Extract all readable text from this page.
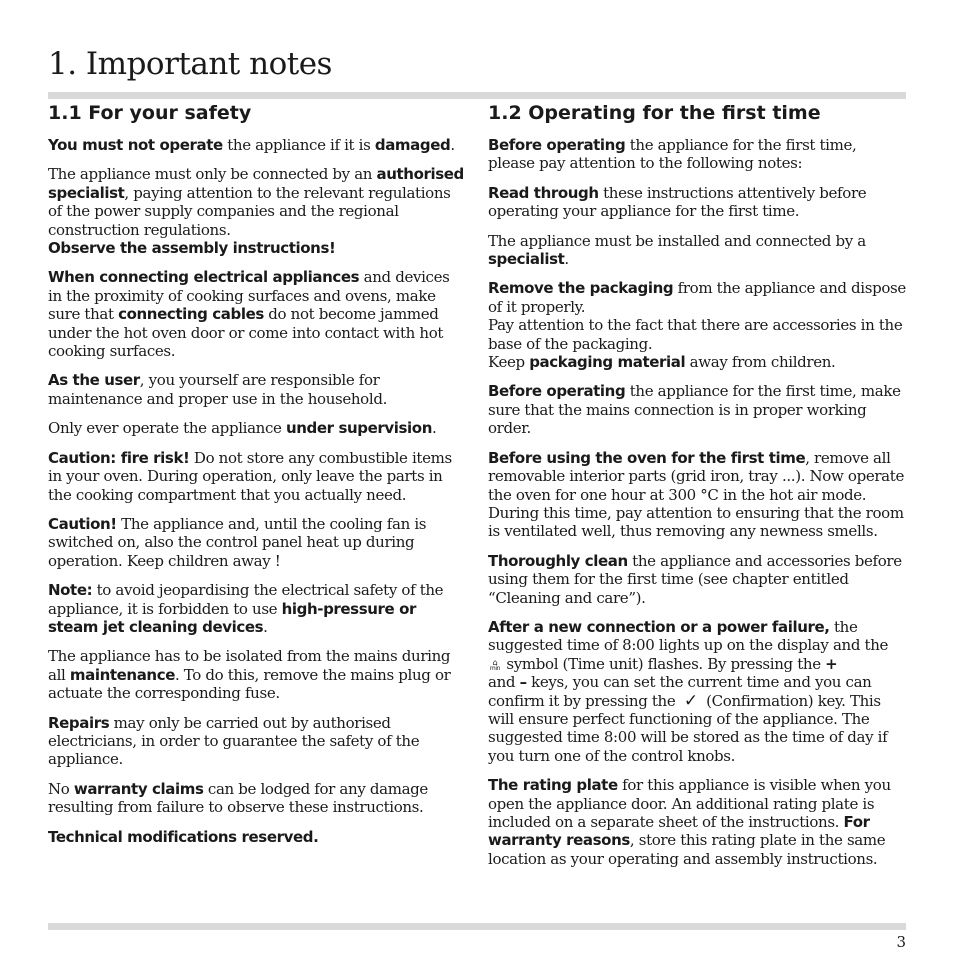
1. Important notes
1.1 For your safety

You must not operate the appliance if it is damaged.

The appliance must only be connected by an authorised specialist, paying attention to the relevant regulations of the power supply companies and the regional construction regulations.
Observe the assembly instructions!

When connecting electrical appliances and devices in the proximity of cooking surfaces and ovens, make sure that connecting cables do not become jammed under the hot oven door or come into contact with hot cooking surfaces.

As the user, you yourself are responsible for maintenance and proper use in the household.

Only ever operate the appliance under supervision.

Caution: fire risk! Do not store any combustible items in your oven. During operation, only leave the parts in the cooking compartment that you actually need.

Caution! The appliance and, until the cooling fan is switched on, also the control panel heat up during operation. Keep children away !

Note: to avoid jeopardising the electrical safety of the appliance, it is forbidden to use high-pressure or steam jet cleaning devices.

The appliance has to be isolated from the mains during all maintenance. To do this, remove the mains plug or actuate the corresponding fuse.

Repairs may only be carried out by authorised electricians, in order to guarantee the safety of the appliance.

No warranty claims can be lodged for any damage resulting from failure to observe these instructions.

Technical modifications reserved.

1.2 Operating for the first time

Before operating the appliance for the first time, please pay attention to the following notes:

Read through these instructions attentively before operating your appliance for the first time.

The appliance must be installed and connected by a specialist.

Remove the packaging from the appliance and dispose of it properly.
Pay attention to the fact that there are accessories in the base of the packaging.
Keep packaging material away from children.

Before operating the appliance for the first time, make sure that the mains connection is in proper working order.

Before using the oven for the first time, remove all removable interior parts (grid iron, tray ...). Now operate the oven for one hour at 300 °C in the hot air mode. During this time, pay attention to ensuring that the room is ventilated well, thus removing any newness smells.

Thoroughly clean the appliance and accessories before using them for the first time (see chapter entitled “Cleaning and care”).

After a new connection or a power failure, the suggested time of 8:00 lights up on the display and the
⌂
min symbol (Time unit) flashes. By pressing the +
and – keys, you can set the current time and you can confirm it by pressing the ✓ (Confirmation) key. This will ensure perfect functioning of the appliance. The suggested time 8:00 will be stored as the time of day if you turn one of the control knobs.

The rating plate for this appliance is visible when you open the appliance door. An additional rating plate is included on a separate sheet of the instructions. For warranty reasons, store this rating plate in the same location as your operating and assembly instructions.

3
